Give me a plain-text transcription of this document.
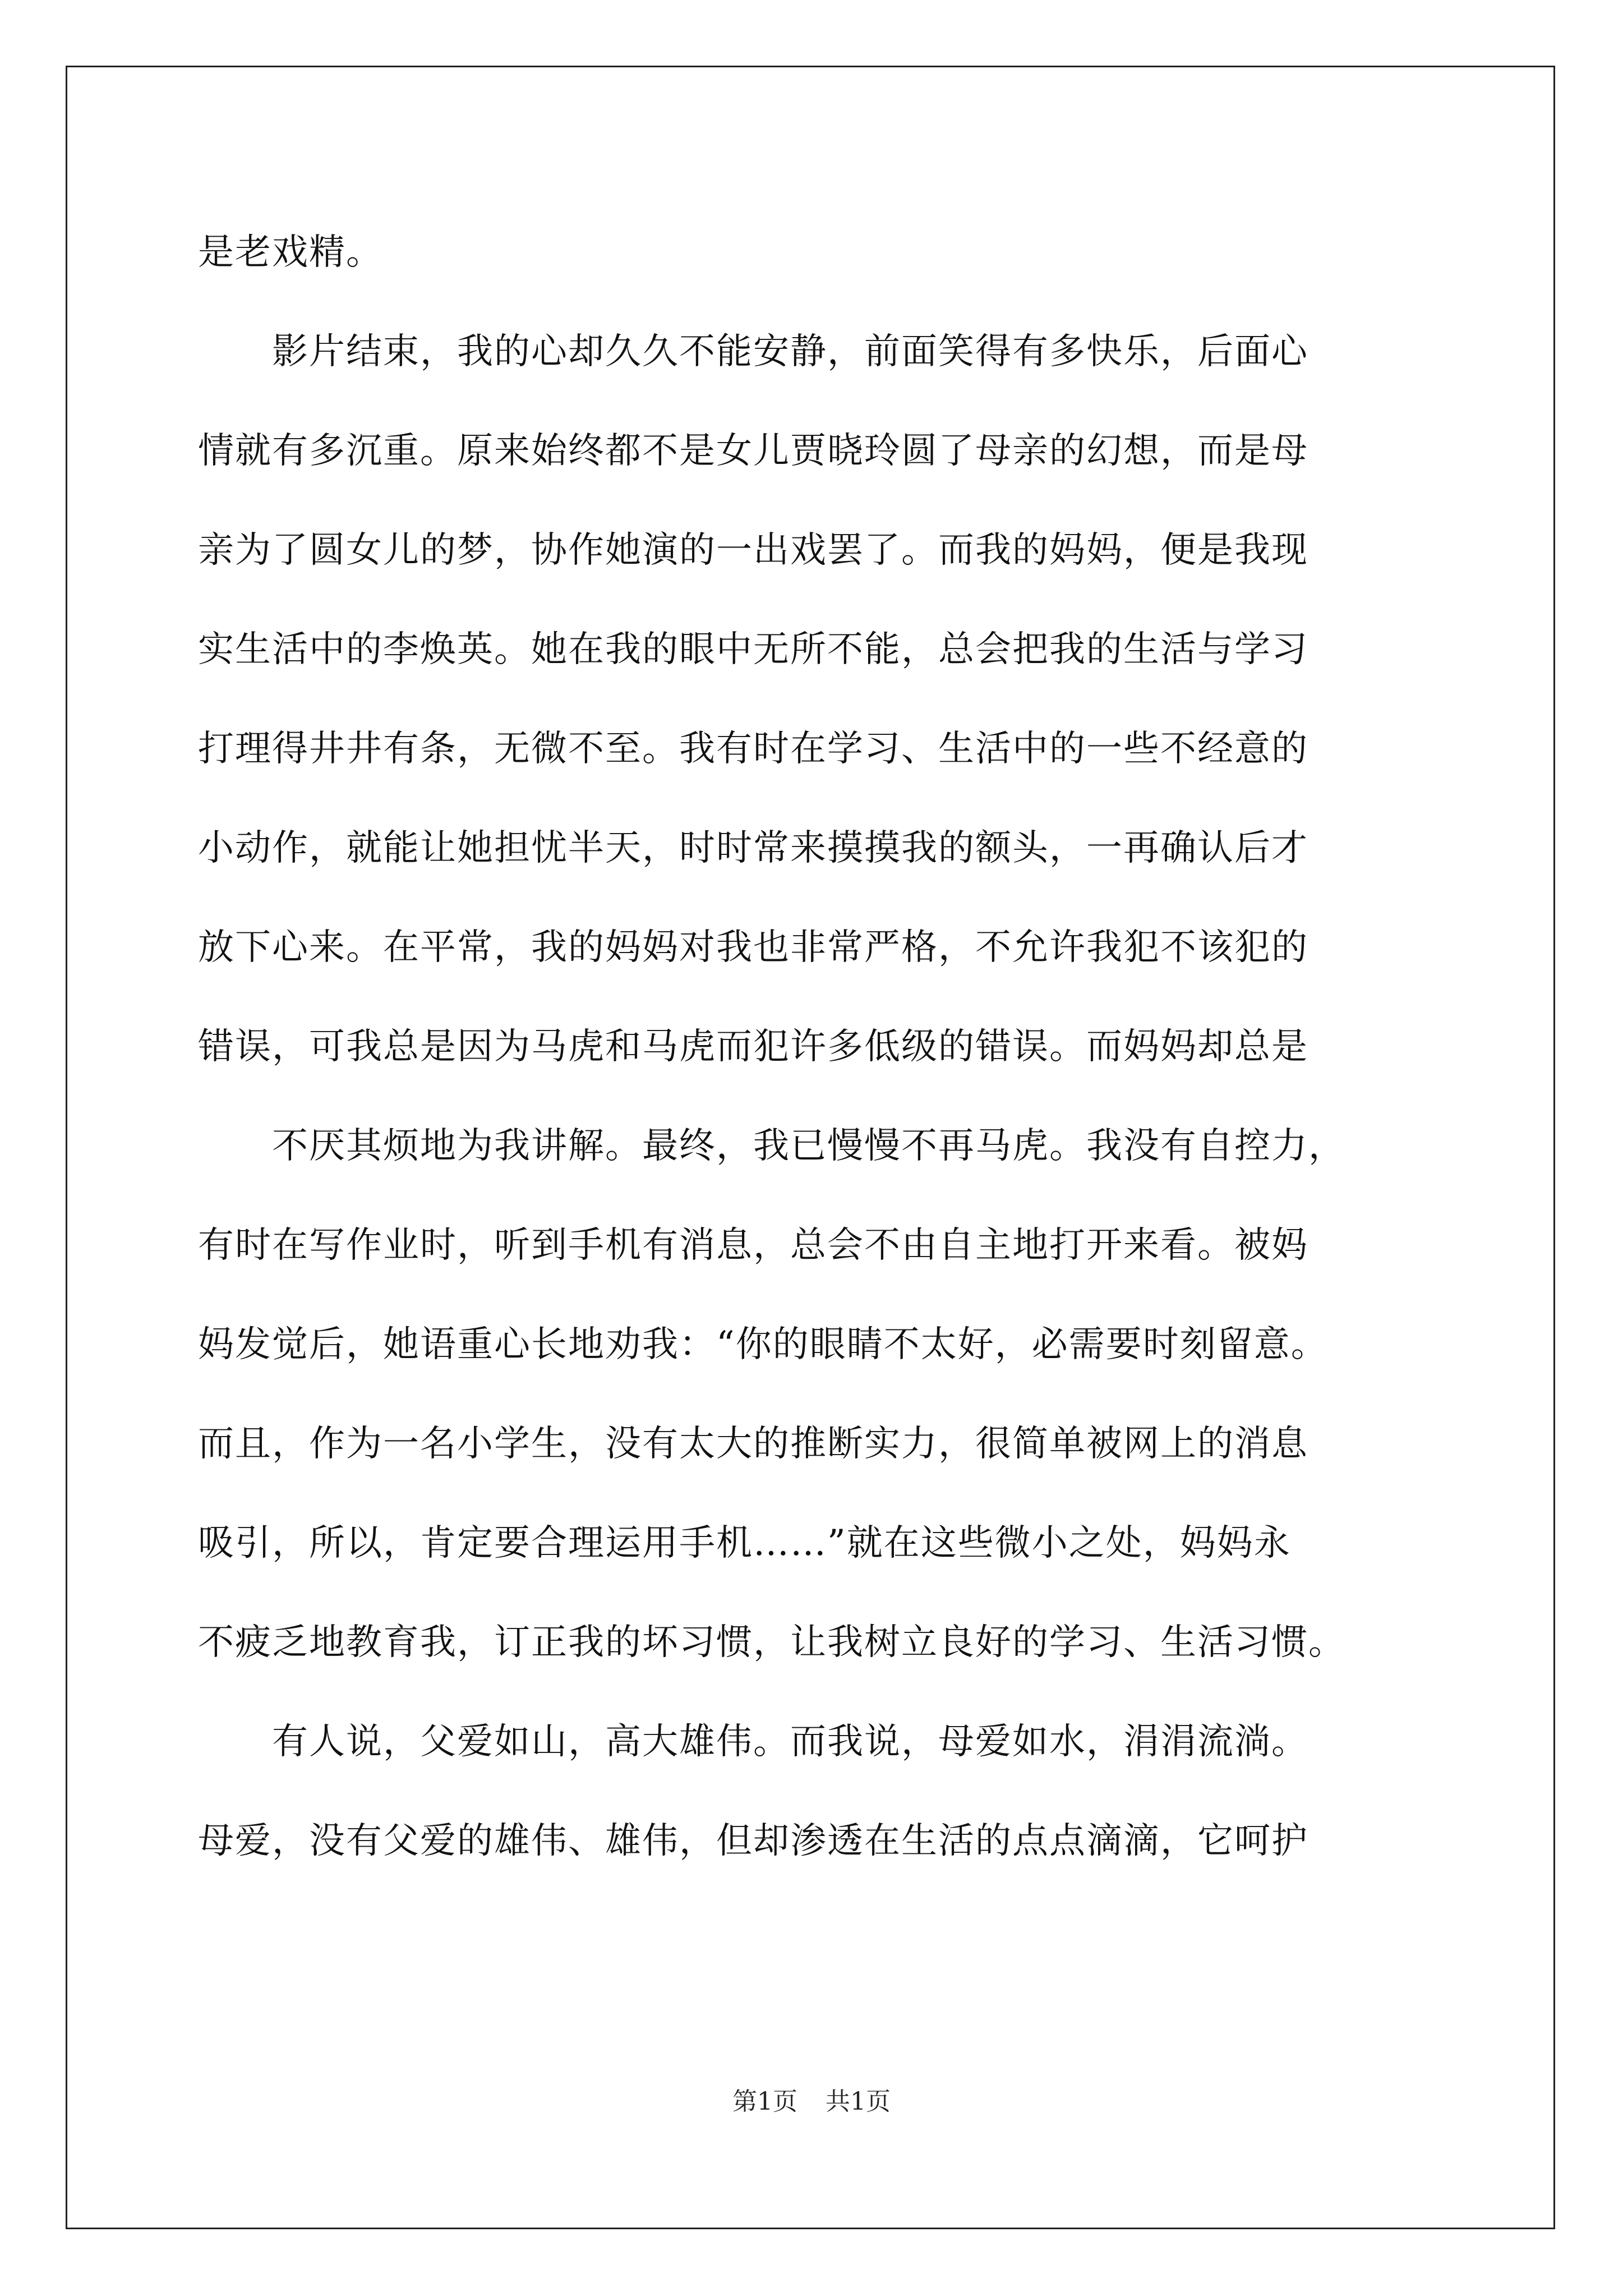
是老戏精。
　　影片结束，我的心却久久不能安静，前面笑得有多快乐，后面心
情就有多沉重。原来始终都不是女儿贾晓玲圆了母亲的幻想，而是母
亲为了圆女儿的梦，协作她演的一出戏罢了。而我的妈妈，便是我现
实生活中的李焕英。她在我的眼中无所不能，总会把我的生活与学习
打理得井井有条，无微不至。我有时在学习、生活中的一些不经意的
小动作，就能让她担忧半天，时时常来摸摸我的额头，一再确认后才
放下心来。在平常，我的妈妈对我也非常严格，不允许我犯不该犯的
错误，可我总是因为马虎和马虎而犯许多低级的错误。而妈妈却总是
　　不厌其烦地为我讲解。最终，我已慢慢不再马虎。我没有自控力，
有时在写作业时，听到手机有消息，总会不由自主地打开来看。被妈
妈发觉后，她语重心长地劝我：“你的眼睛不太好，必需要时刻留意。
而且，作为一名小学生，没有太大的推断实力，很简单被网上的消息
吸引，所以，肯定要合理运用手机……”就在这些微小之处，妈妈永
不疲乏地教育我，订正我的坏习惯，让我树立良好的学习、生活习惯。
　　有人说，父爱如山，高大雄伟。而我说，母爱如水，涓涓流淌。
母爱，没有父爱的雄伟、雄伟，但却渗透在生活的点点滴滴，它呵护
第1页 共1页
